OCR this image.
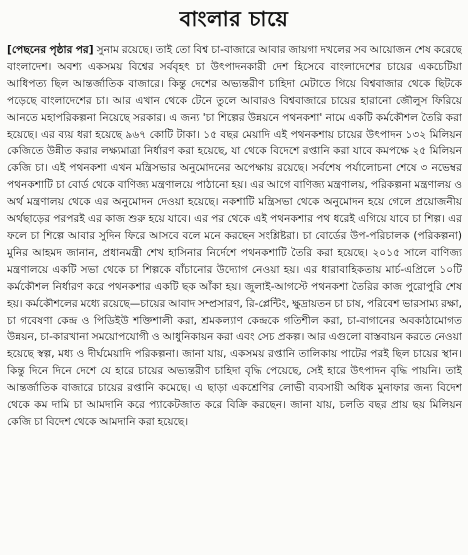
বাংলার চায়ে
[পেছনের পৃষ্ঠার পর] সুনাম রয়েছে। তাই তো বিশ্ব চা-বাজারে আবার জায়গা দখলের সব আয়োজন শেষ করেছে বাংলাদেশ। অবশ্য একসময় বিশ্বের সর্ববৃহৎ চা উৎপাদনকারী দেশ হিসেবে বাংলাদেশের চায়ের একচেটিয়া আধিপত্য ছিল আন্তর্জাতিক বাজারে। কিন্তু দেশের অভ্যন্তরীণ চাহিদা মেটাতে গিয়ে বিশ্ববাজার থেকে ছিটকে পড়েছে বাংলাদেশের চা। আর এখান থেকে টেনে তুলে আবারও বিশ্ববাজারে চায়ের হারানো জৌলুস ফিরিয়ে আনতে মহাপরিকল্পনা নিয়েছে সরকার। এ জন্য 'চা শিল্পের উন্নয়নে পথনকশা' নামে একটি কর্মকৌশল তৈরি করা হয়েছে। এর ব্যয় ধরা হয়েছে ৯৬৭ কোটি টাকা। ১৫ বছর মেয়াদি এই পথনকশায় চায়ের উৎপাদন ১৩২ মিলিয়ন কেজিতে উন্নীত করার লক্ষ্যমাত্রা নির্ধারণ করা হয়েছে, যা থেকে বিদেশে রপ্তানি করা যাবে কমপক্ষে ২৫ মিলিয়ন কেজি চা। এই পথনকশা এখন মন্ত্রিসভার অনুমোদনের অপেক্ষায় রয়েছে। সর্বশেষ পর্যালোচনা শেষে ৩ নভেম্বর পথনকশাটি চা বোর্ড থেকে বাণিজ্য মন্ত্রণালয়ে পাঠানো হয়। এর আগে বাণিজ্য মন্ত্রণালয়, পরিকল্পনা মন্ত্রণালয় ও অর্থ মন্ত্রণালয় থেকে এর অনুমোদন দেওয়া হয়েছে। নকশাটি মন্ত্রিসভা থেকে অনুমোদন হয়ে গেলে প্রয়োজনীয় অর্থছাড়ের পরপরই এর কাজ শুরু হয়ে যাবে। এর পর থেকে এই পথনকশার পথ ধরেই এগিয়ে যাবে চা শিল্প। এর ফলে চা শিল্পে আবার সুদিন ফিরে আসবে বলে মনে করছেন সংশ্লিষ্টরা। চা বোর্ডের উপ-পরিচালক (পরিকল্পনা) মুনির আহমদ জানান, প্রধানমন্ত্রী শেখ হাসিনার নির্দেশে পথনকশাটি তৈরি করা হয়েছে। ২০১৫ সালে বাণিজ্য মন্ত্রণালয়ে একটি সভা থেকে চা শিল্পকে বাঁচানোর উদ্যোগ নেওয়া হয়। এর ধারাবাহিকতায় মার্চ-এপ্রিলে ১০টি কর্মকৌশল নির্ধারণ করে পথনকশার একটি ছক আঁকা হয়। জুলাই-আগস্টে পথনকশা তৈরির কাজ পুরোপুরি শেষ হয়। কর্মকৌশলের মধ্যে রয়েছে—চায়ের আবাদ সম্প্রসারণ, রি-প্লেন্টিং, ক্ষুদ্রায়তন চা চাষ, পরিবেশ ভারসাম্য রক্ষা, চা গবেষণা কেন্দ্র ও পিডিইউ শক্তিশালী করা, শ্রমকল্যাণ কেন্দ্রকে গতিশীল করা, চা-বাগানের অবকাঠামোগত উন্নয়ন, চা-কারখানা সময়োপযোগী ও আধুনিকায়ন করা এবং সেচ প্রকল্প। আর এগুলো বাস্তবায়ন করতে নেওয়া হয়েছে স্বল্প, মধ্য ও দীর্ঘমেয়াদি পরিকল্পনা। জানা যায়, একসময় রপ্তানি তালিকায় পাটের পরই ছিল চায়ের স্থান। কিন্তু দিনে দিনে দেশে যে হারে চায়ের অভ্যন্তরীণ চাহিদা বৃদ্ধি পেয়েছে, সেই হারে উৎপাদন বৃদ্ধি পায়নি। তাই আন্তর্জাতিক বাজারে চায়ের রপ্তানি কমেছে। এ ছাড়া একশ্রেণির লোভী ব্যবসায়ী অধিক মুনাফার জন্য বিদেশ থেকে কম দামি চা আমদানি করে প্যাকেটজাত করে বিক্রি করছেন। জানা যায়, চলতি বছর প্রায় ছয় মিলিয়ন কেজি চা বিদেশ থেকে আমদানি করা হয়েছে।
